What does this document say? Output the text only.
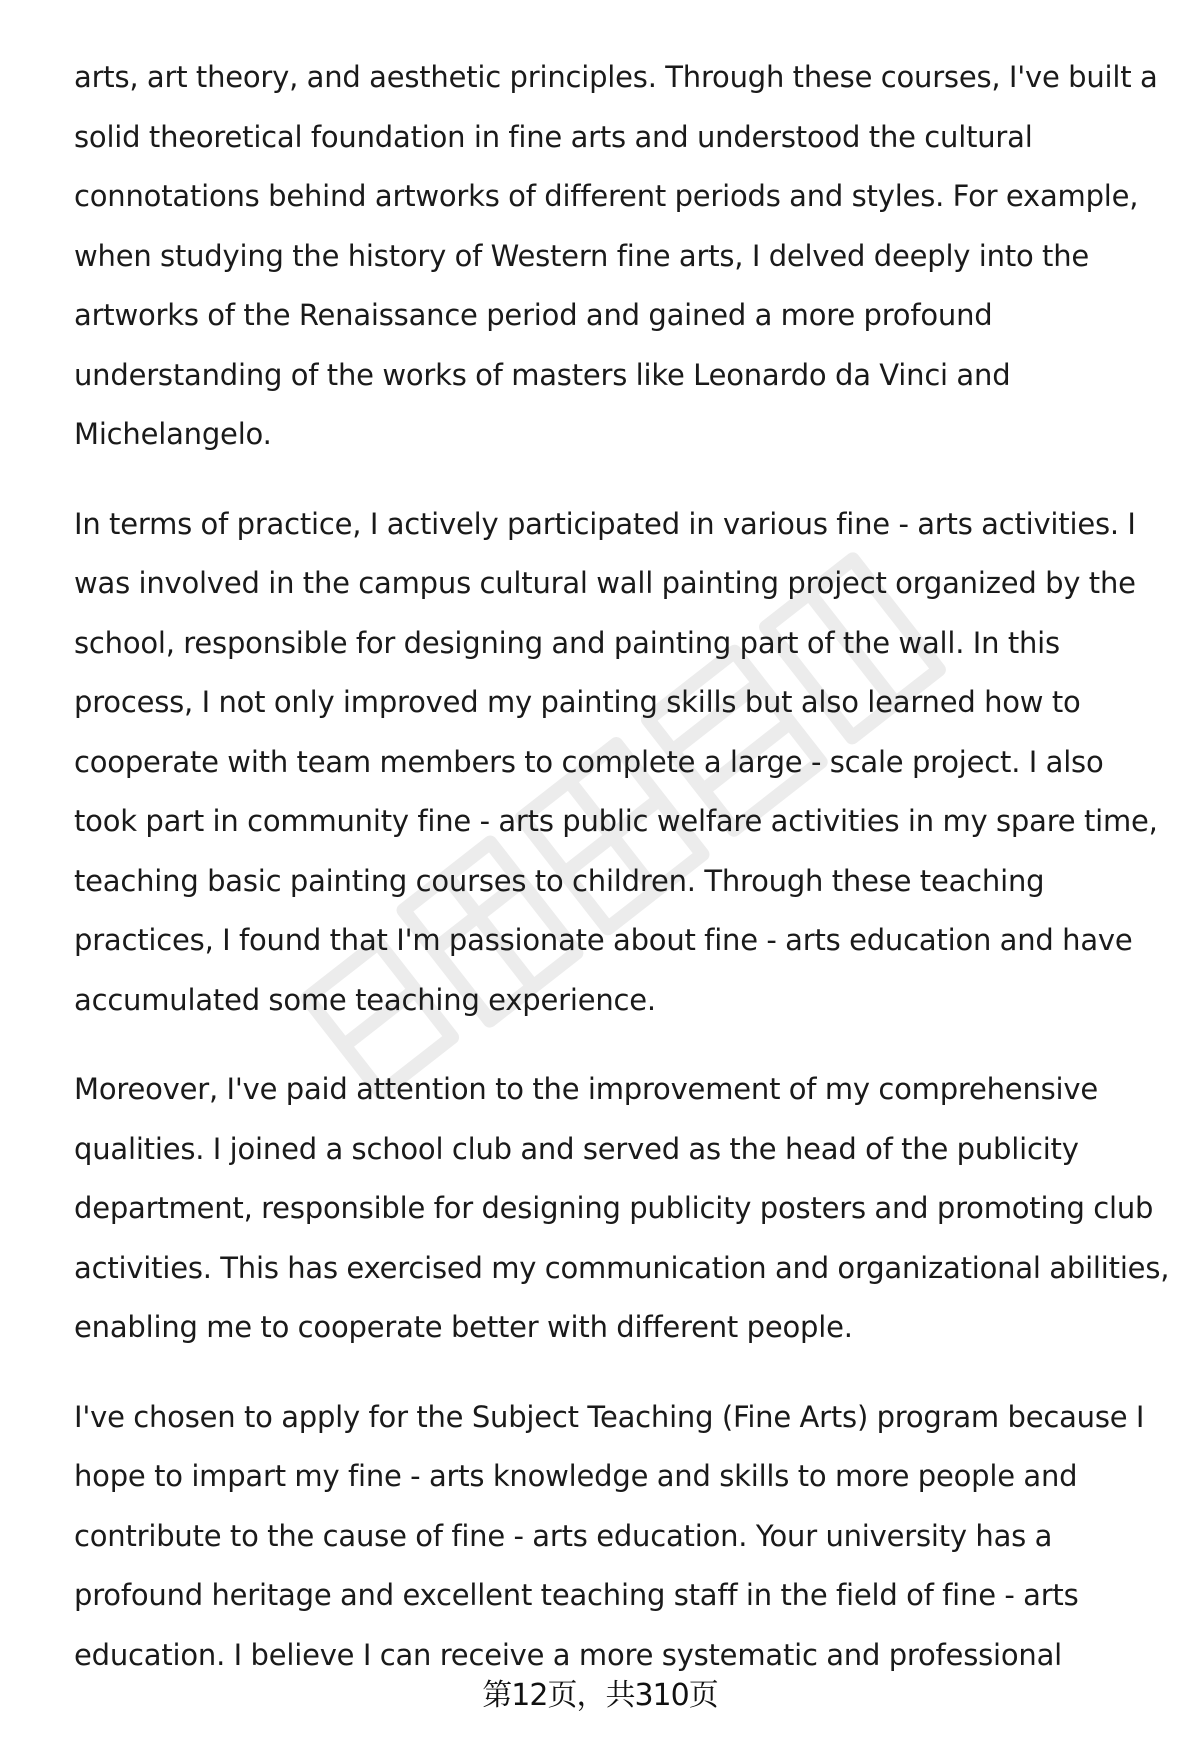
arts, art theory, and aesthetic principles. Through these courses, I've built a
solid theoretical foundation in fine arts and understood the cultural
connotations behind artworks of different periods and styles. For example,
when studying the history of Western fine arts, I delved deeply into the
artworks of the Renaissance period and gained a more profound
understanding of the works of masters like Leonardo da Vinci and
Michelangelo.

In terms of practice, I actively participated in various fine - arts activities. I
was involved in the campus cultural wall painting project organized by the
school, responsible for designing and painting part of the wall. In this
process, I not only improved my painting skills but also learned how to
cooperate with team members to complete a large - scale project. I also
took part in community fine - arts public welfare activities in my spare time,
teaching basic painting courses to children. Through these teaching
practices, I found that I'm passionate about fine - arts education and have
accumulated some teaching experience.

Moreover, I've paid attention to the improvement of my comprehensive
qualities. I joined a school club and served as the head of the publicity
department, responsible for designing publicity posters and promoting club
activities. This has exercised my communication and organizational abilities,
enabling me to cooperate better with different people.

I've chosen to apply for the Subject Teaching (Fine Arts) program because I
hope to impart my fine - arts knowledge and skills to more people and
contribute to the cause of fine - arts education. Your university has a
profound heritage and excellent teaching staff in the field of fine - arts
education. I believe I can receive a more systematic and professional

第12页，共310页
